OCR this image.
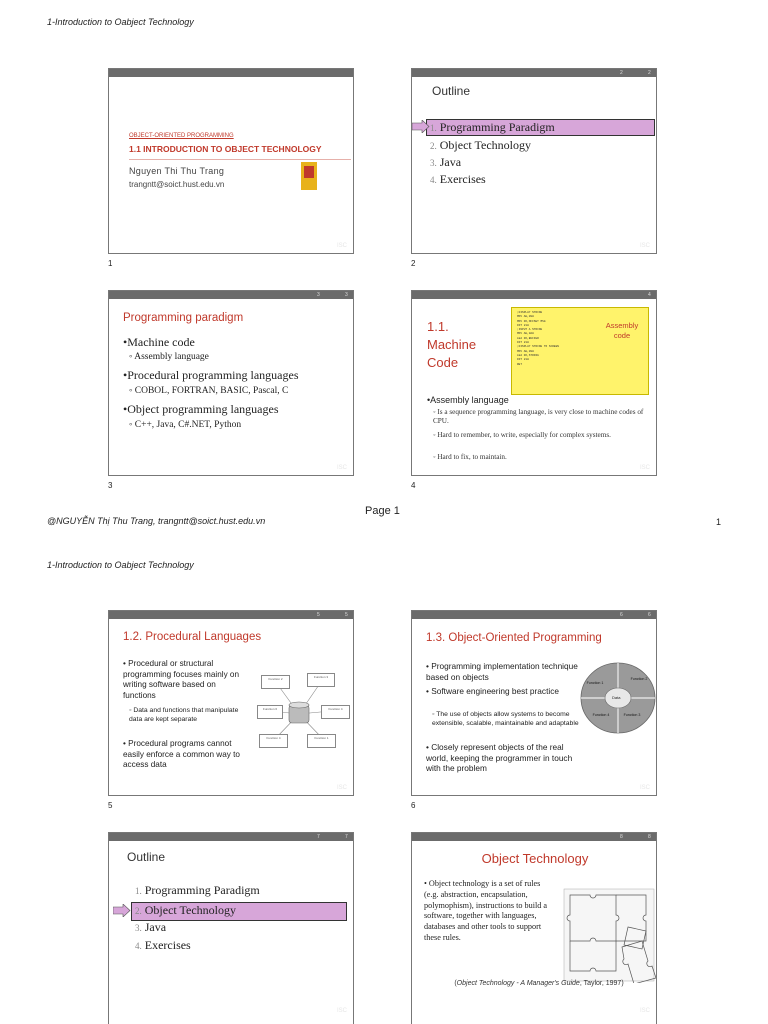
1-Introduction to Oabject Technology
1-Introduction to Oabject Technology
OBJECT-ORIENTED PROGRAMMING
1.1 INTRODUCTION TO OBJECT TECHNOLOGY
Nguyen Thi Thu Trang
trangntt@soict.hust.edu.vn
ISC
1
2	2
Outline
1. Programming Paradigm
2. Object Technology
3. Java
4. Exercises
ISC
2
3	3
Programming paradigm
•Machine code
◦ Assembly language
•Procedural programming languages
◦ COBOL, FORTRAN, BASIC, Pascal, C
•Object programming languages
◦ C++, Java, C#.NET, Python
ISC
3
4
1.1.
Machine
Code
;DISPLAY STRING
MOV AH,09H
MOV DX,OFFSET MSG
INT 21H
;INPUT A STRING
MOV AH,0AH
LEA DX,BUFFER
INT 21H
;DISPLAY STRING TO SCREEN
MOV AH,09H
LEA DX,STRING
INT 21H
RET
Assembly code
•Assembly language
◦ Is a sequence programming language, is very close to machine codes of CPU.
◦ Hard to remember, to write, especially for complex systems.
◦ Hard to fix, to maintain.
ISC
4
Page 1
@NGUYỄN Thị Thu Trang, trangntt@soict.hust.edu.vn	1
5	5
1.2. Procedural Languages
• Procedural or structural programming focuses mainly on writing software based on functions
◦ Data and functions that manipulate data are kept separate
• Procedural programs cannot easily enforce a common way to access data
Function 2	Function 3
Function 6	Function 4
Function 4	Function 1
ISC
5
6	6
1.3. Object-Oriented Programming
• Programming implementation technique based on objects
• Software engineering best practice
◦ The use of objects allow systems to become extensible, scalable, maintainable and adaptable
• Closely represent objects of the real world, keeping the programmer in touch with the problem
Data
Function 1
Function 2
Function 4	Function 3
ISC
6
7	7
Outline
1. Programming Paradigm
2. Object Technology
3. Java
4. Exercises
ISC
8	8
Object Technology
• Object technology is a set of rules (e.g. abstraction, encapsulation, polymophism), instructions to build a software, together with languages, databases and other tools to support these rules.
(Object Technology - A Manager's Guide, Taylor, 1997)
ISC
